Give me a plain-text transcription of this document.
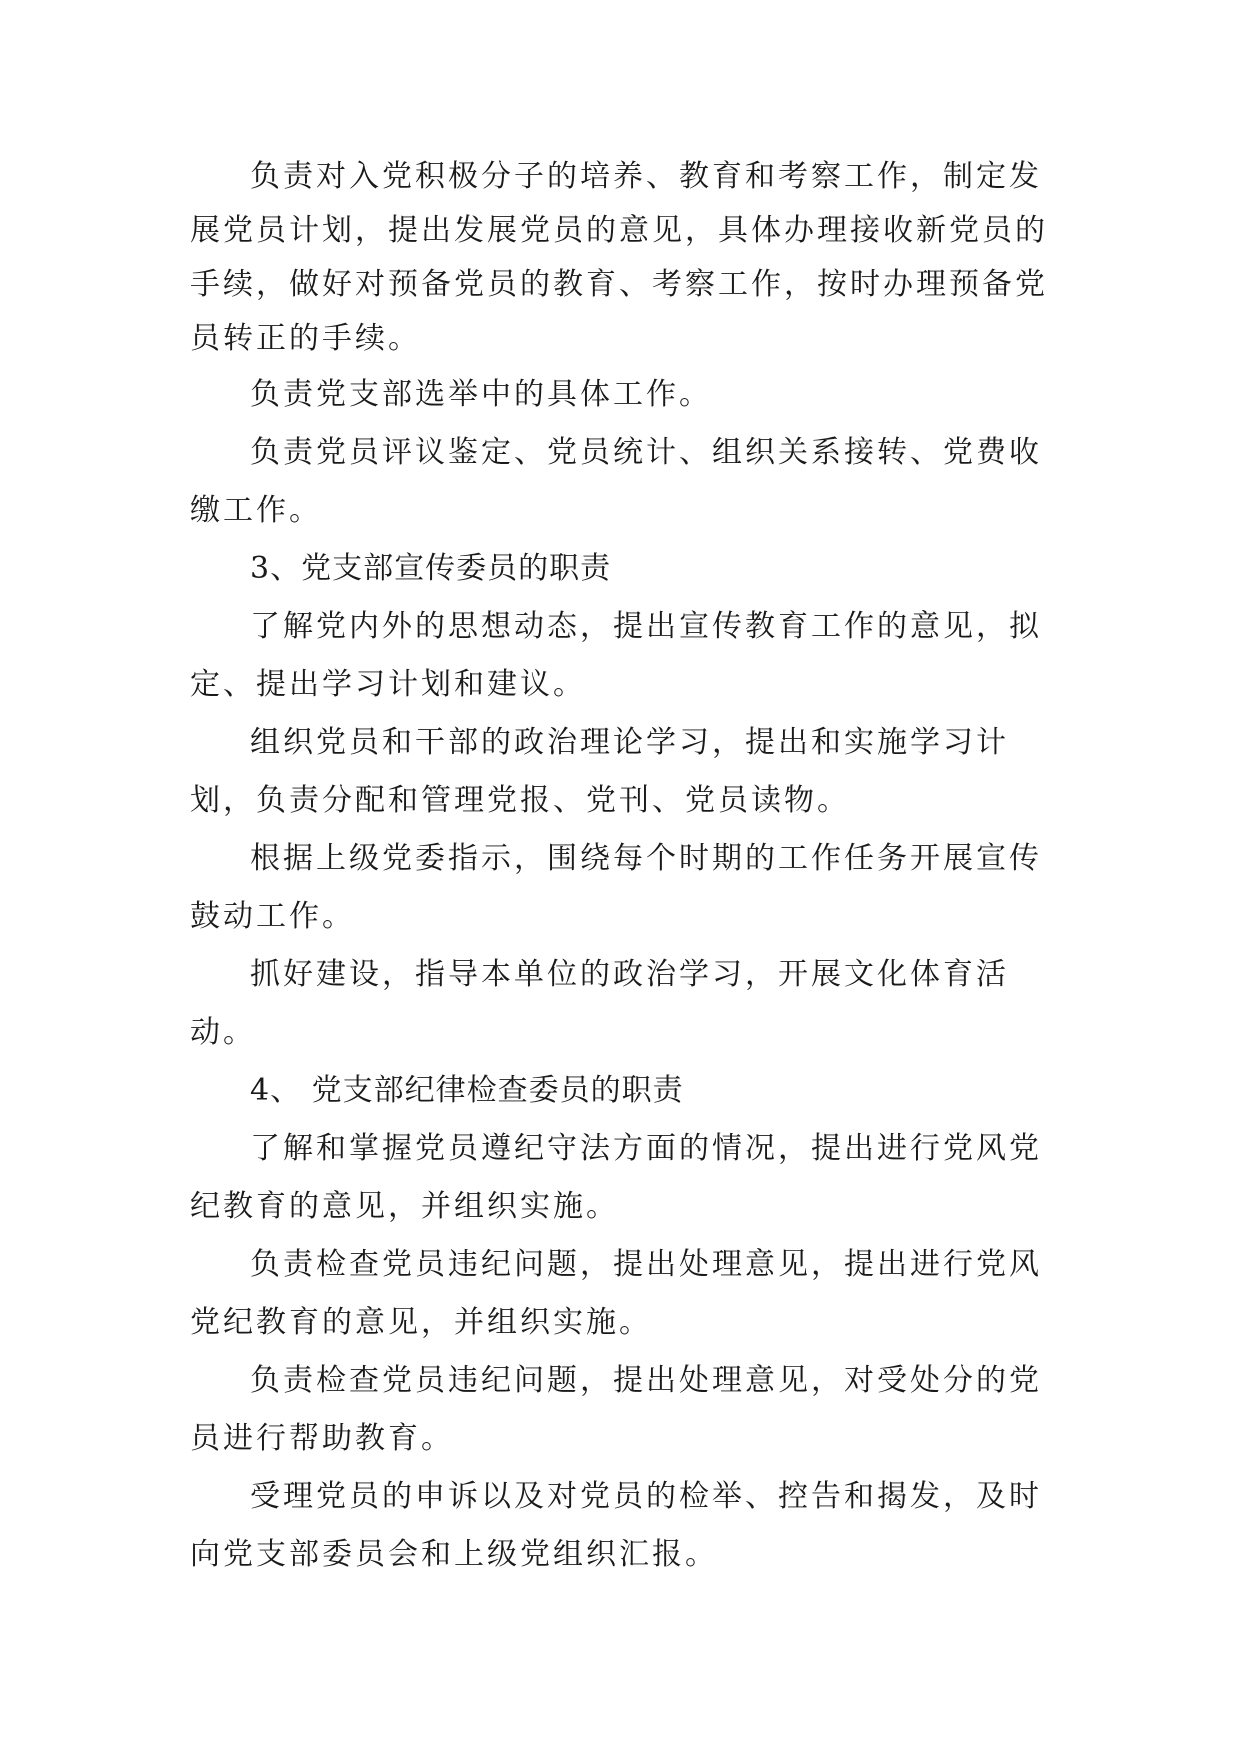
负责对入党积极分子的培养、教育和考察工作，制定发展党员计划，提出发展党员的意见，具体办理接收新党员的手续，做好对预备党员的教育、考察工作，按时办理预备党员转正的手续。

负责党支部选举中的具体工作。

负责党员评议鉴定、党员统计、组织关系接转、党费收缴工作。

3、党支部宣传委员的职责

了解党内外的思想动态，提出宣传教育工作的意见，拟定、提出学习计划和建议。

组织党员和干部的政治理论学习，提出和实施学习计划，负责分配和管理党报、党刊、党员读物。

根据上级党委指示，围绕每个时期的工作任务开展宣传鼓动工作。

抓好建设，指导本单位的政治学习，开展文化体育活动。

4、 党支部纪律检查委员的职责

了解和掌握党员遵纪守法方面的情况，提出进行党风党纪教育的意见，并组织实施。

负责检查党员违纪问题，提出处理意见，提出进行党风党纪教育的意见，并组织实施。

负责检查党员违纪问题，提出处理意见，对受处分的党员进行帮助教育。

受理党员的申诉以及对党员的检举、控告和揭发，及时向党支部委员会和上级党组织汇报。
